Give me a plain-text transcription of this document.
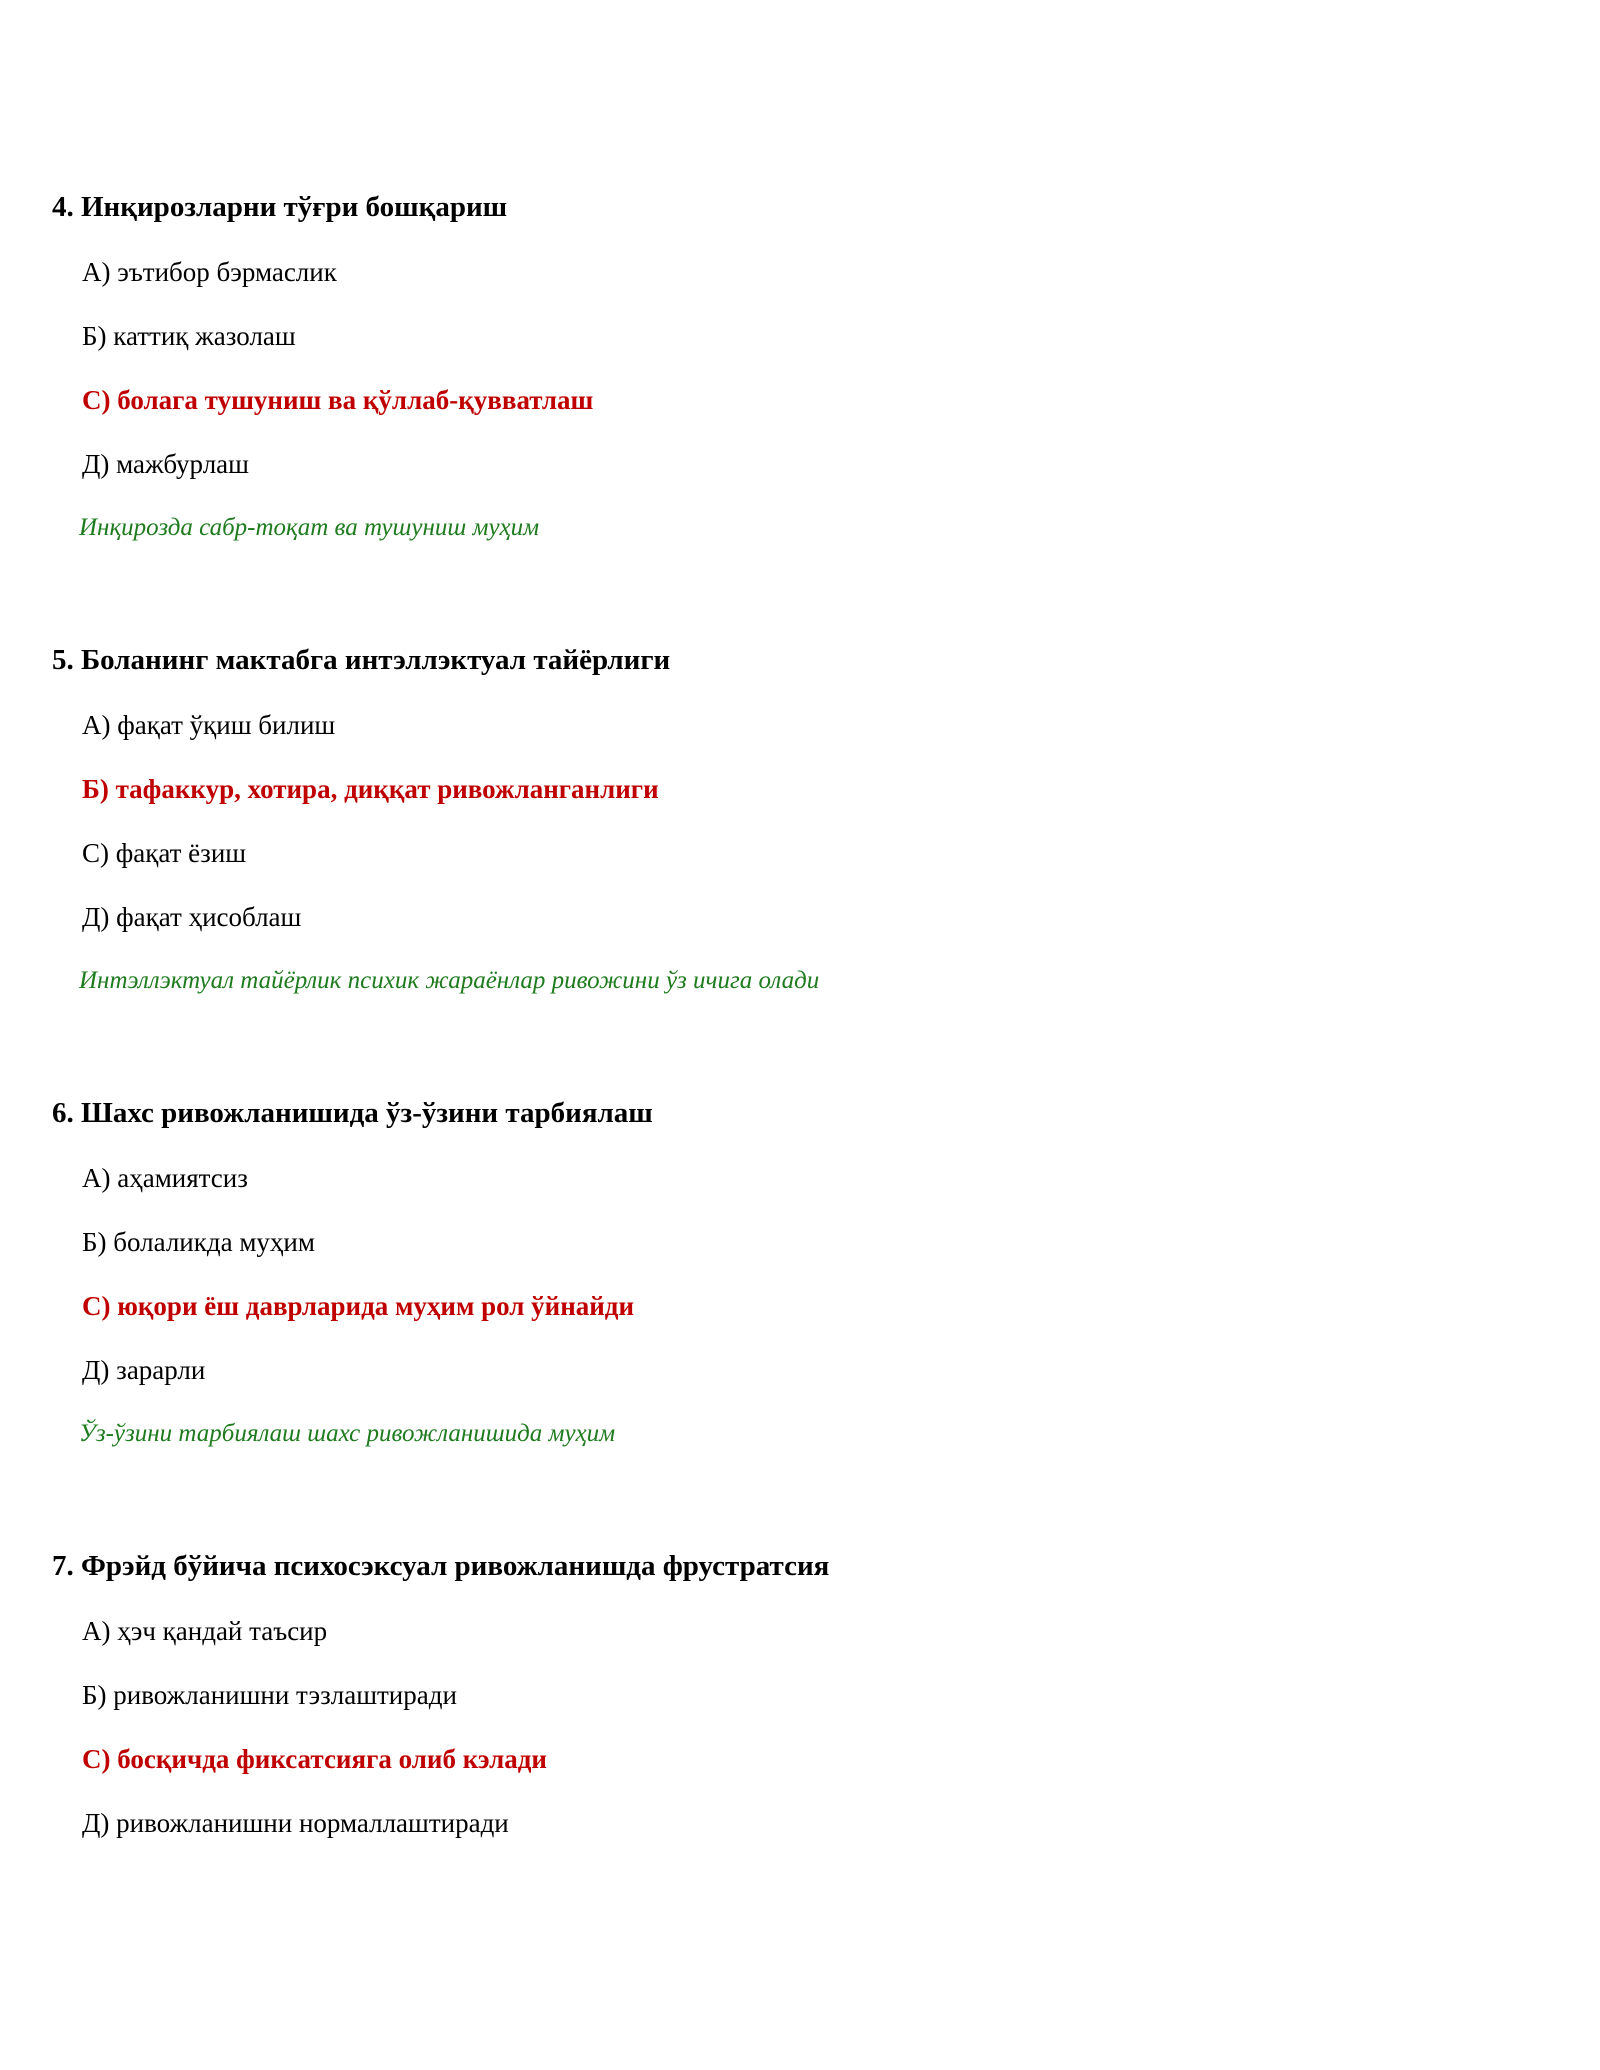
4. Инқирозларни тўғри бошқариш
А) эътибор бэрмаслик
Б) каттиқ жазолаш
С) болага тушуниш ва қўллаб-қувватлаш
Д) мажбурлаш
Инқирозда сабр-тоқат ва тушуниш муҳим
5. Боланинг мактабга интэллэктуал тайёрлиги
А) фақат ўқиш билиш
Б) тафаккур, хотира, диққат ривожланганлиги
С) фақат ёзиш
Д) фақат ҳисоблаш
Интэллэктуал тайёрлик психик жараёнлар ривожини ўз ичига олади
6. Шахс ривожланишида ўз-ўзини тарбиялаш
А) аҳамиятсиз
Б) болаликда муҳим
С) юқори ёш даврларида муҳим рол ўйнайди
Д) зарарли
Ўз-ўзини тарбиялаш шахс ривожланишида муҳим
7. Фрэйд бўйича психосэксуал ривожланишда фрустратсия
А) ҳэч қандай таъсир
Б) ривожланишни тэзлаштиради
С) босқичда фиксатсияга олиб кэлади
Д) ривожланишни нормаллаштиради
